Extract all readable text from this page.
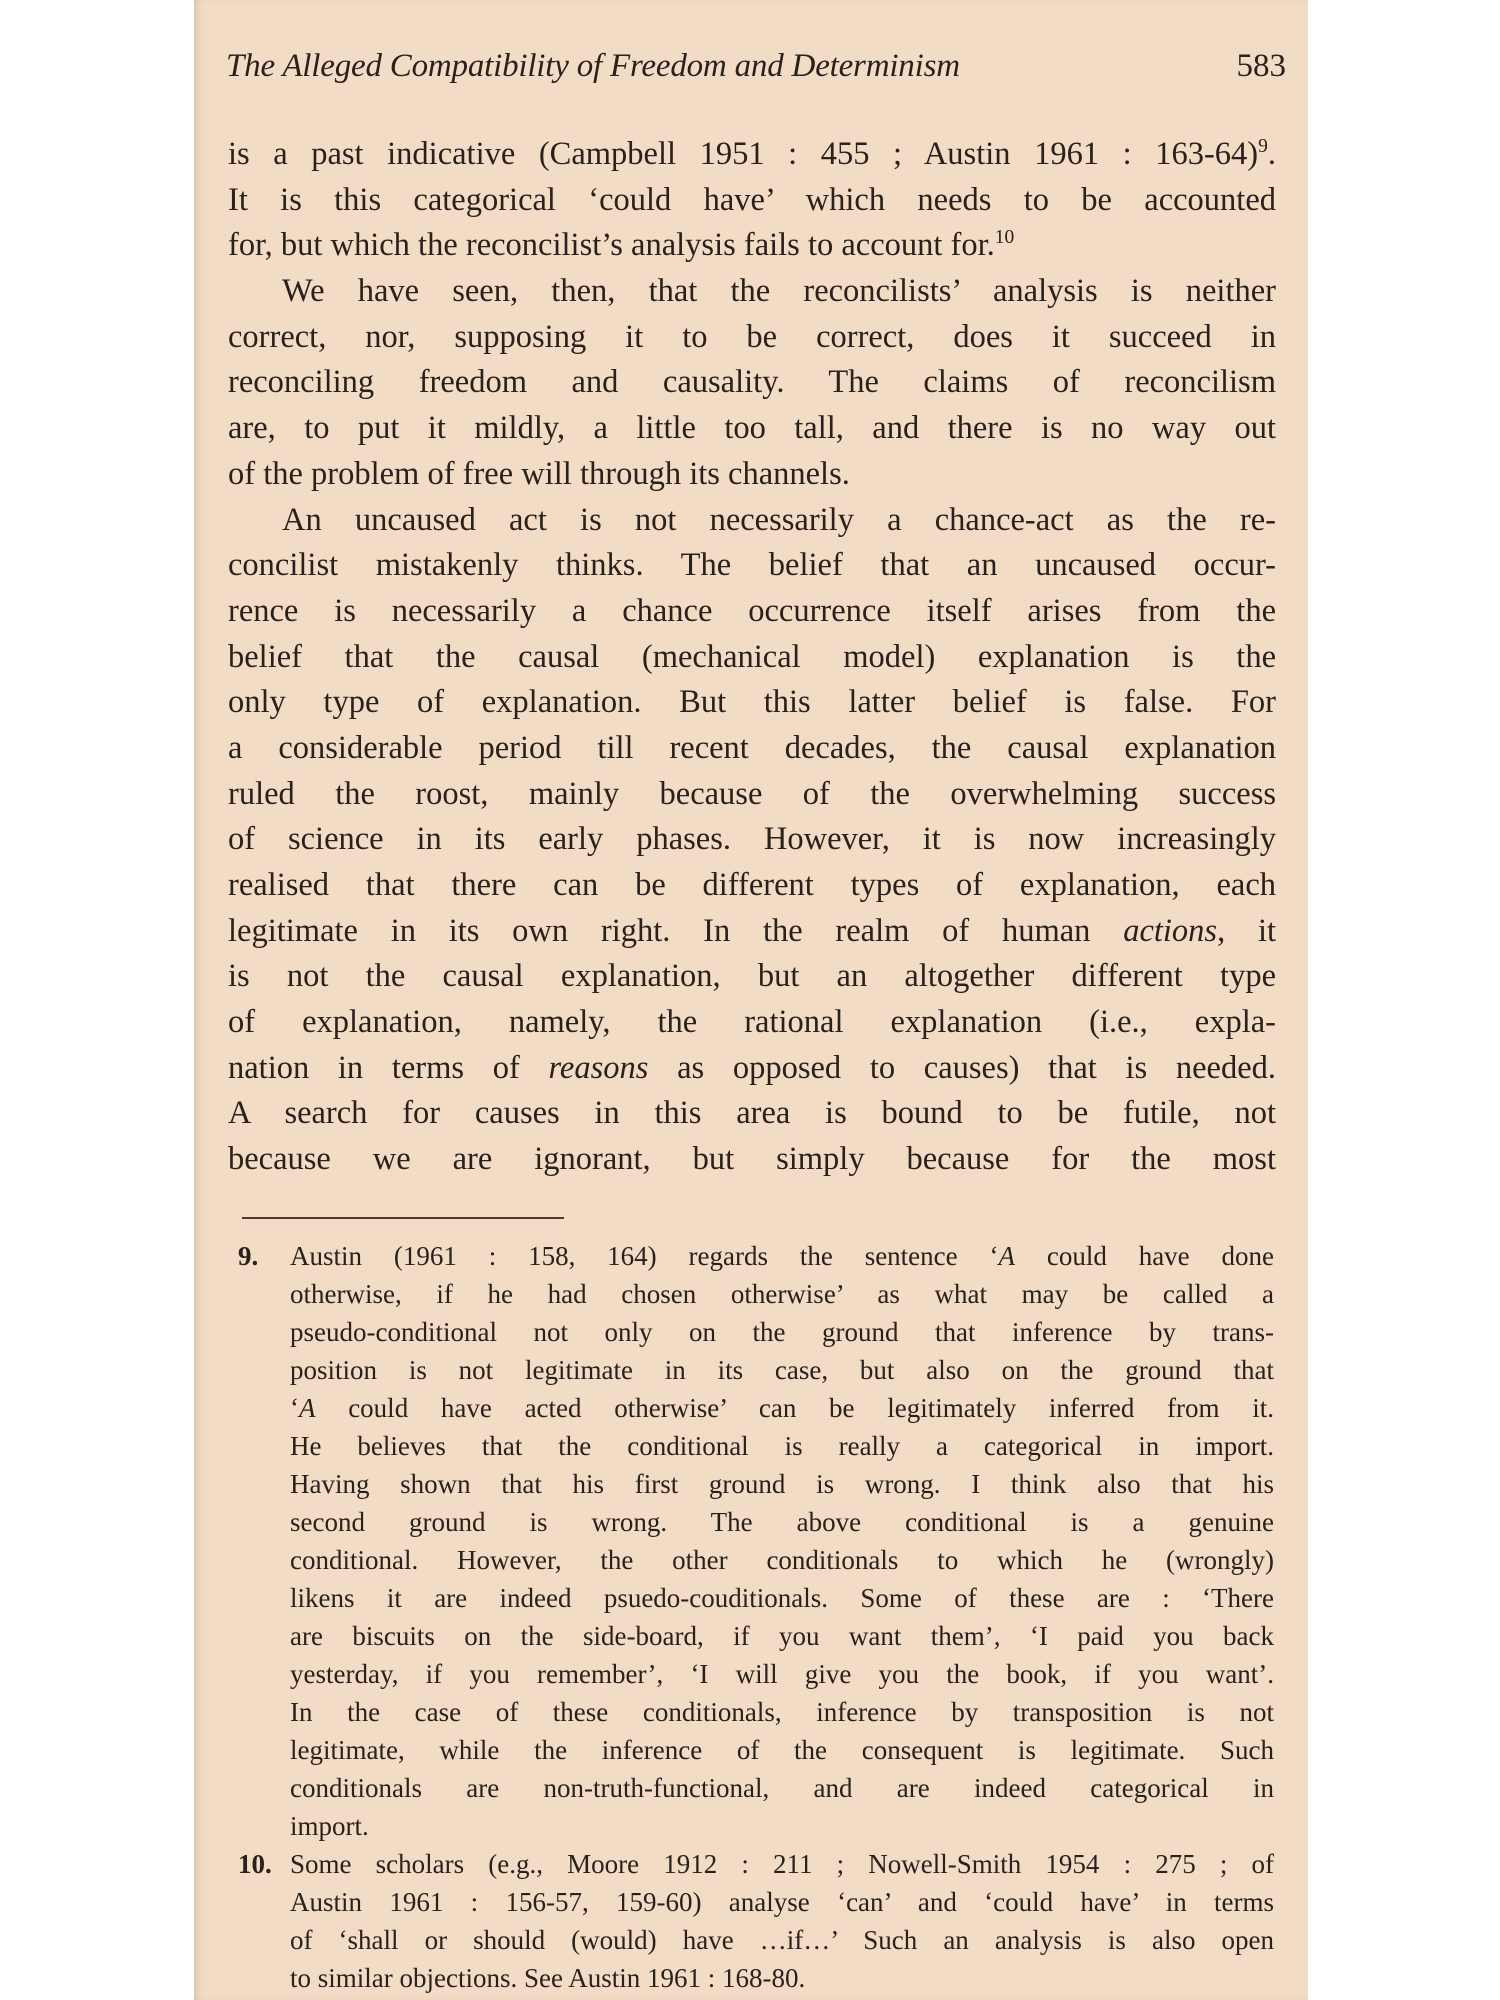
The Alleged Compatibility of Freedom and Determinism	583
is a past indicative (Campbell 1951 : 455 ; Austin 1961 : 163-64)$^9$.
It is this categorical ‘could have’ which needs to be accounted
for, but which the reconcilist’s analysis fails to account for.$^{10}$
We have seen, then, that the reconcilists’ analysis is neither
correct, nor, supposing it to be correct, does it succeed in
reconciling freedom and causality. The claims of reconcilism
are, to put it mildly, a little too tall, and there is no way out
of the problem of free will through its channels.
An uncaused act is not necessarily a chance-act as the re-
concilist mistakenly thinks. The belief that an uncaused occur-
rence is necessarily a chance occurrence itself arises from the
belief that the causal (mechanical model) explanation is the
only type of explanation. But this latter belief is false. For
a considerable period till recent decades, the causal explanation
ruled the roost, mainly because of the overwhelming success
of science in its early phases. However, it is now increasingly
realised that there can be different types of explanation, each
legitimate in its own right. In the realm of human actions, it
is not the causal explanation, but an altogether different type
of explanation, namely, the rational explanation (i.e., expla-
nation in terms of reasons as opposed to causes) that is needed.
A search for causes in this area is bound to be futile, not
because we are ignorant, but simply because for the most
9. Austin (1961 : 158, 164) regards the sentence ‘A could have done
otherwise, if he had chosen otherwise’ as what may be called a
pseudo-conditional not only on the ground that inference by trans-
position is not legitimate in its case, but also on the ground that
‘A could have acted otherwise’ can be legitimately inferred from it.
He believes that the conditional is really a categorical in import.
Having shown that his first ground is wrong. I think also that his
second ground is wrong. The above conditional is a genuine
conditional. However, the other conditionals to which he (wrongly)
likens it are indeed psuedo-couditionals. Some of these are : ‘There
are biscuits on the side-board, if you want them’, ‘I paid you back
yesterday, if you remember’, ‘I will give you the book, if you want’.
In the case of these conditionals, inference by transposition is not
legitimate, while the inference of the consequent is legitimate. Such
conditionals are non-truth-functional, and are indeed categorical in
import.
10. Some scholars (e.g., Moore 1912 : 211 ; Nowell-Smith 1954 : 275 ; of
Austin 1961 : 156-57, 159-60) analyse ‘can’ and ‘could have’ in terms
of ‘shall or should (would) have …if…’ Such an analysis is also open
to similar objections. See Austin 1961 : 168-80.
